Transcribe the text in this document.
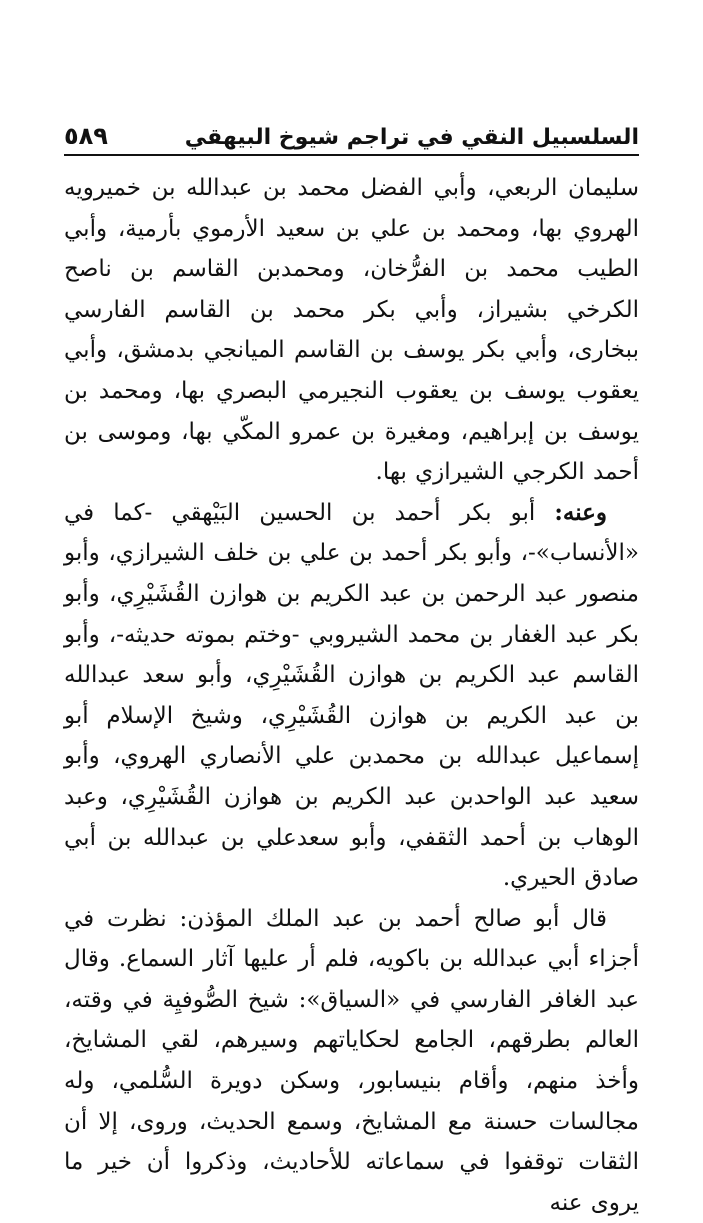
السلسبيل النقي في تراجم شيوخ البيهقي
٥٨٩

سليمان الربعي، وأبي الفضل محمد بن عبدالله بن خميرويه الهروي بها، ومحمد بن علي بن سعيد الأرموي بأرمية، وأبي الطيب محمد بن الفرُّخان، ومحمدبن القاسم بن ناصح الكرخي بشيراز، وأبي بكر محمد بن القاسم الفارسي ببخارى، وأبي بكر يوسف بن القاسم الميانجي بدمشق، وأبي يعقوب يوسف بن يعقوب النجيرمي البصري بها، ومحمد بن يوسف بن إبراهيم، ومغيرة بن عمرو المكّي بها، وموسى بن أحمد الكرجي الشيرازي بها.

وعنه: أبو بكر أحمد بن الحسين البَيْهقي -كما في «الأنساب»-، وأبو بكر أحمد بن علي بن خلف الشيرازي، وأبو منصور عبد الرحمن بن عبد الكريم بن هوازن القُشَيْرِي، وأبو بكر عبد الغفار بن محمد الشيروبي -وختم بموته حديثه-، وأبو القاسم عبد الكريم بن هوازن القُشَيْرِي، وأبو سعد عبدالله بن عبد الكريم بن هوازن القُشَيْرِي، وشيخ الإسلام أبو إسماعيل عبدالله بن محمدبن علي الأنصاري الهروي، وأبو سعيد عبد الواحدبن عبد الكريم بن هوازن القُشَيْرِي، وعبد الوهاب بن أحمد الثقفي، وأبو سعدعلي بن عبدالله بن أبي صادق الحيري.

قال أبو صالح أحمد بن عبد الملك المؤذن: نظرت في أجزاء أبي عبدالله بن باكويه، فلم أر عليها آثار السماع. وقال عبد الغافر الفارسي في «السياق»: شيخ الصُّوفيِة في وقته، العالم بطرقهم، الجامع لحكاياتهم وسيرهم، لقي المشايخ، وأخذ منهم، وأقام بنيسابور، وسكن دويرة السُّلمي، وله مجالسات حسنة مع المشايخ، وسمع الحديث، وروى، إلا أن الثقات توقفوا في سماعاته للأحاديث، وذكروا أن خير ما يروى عنه
